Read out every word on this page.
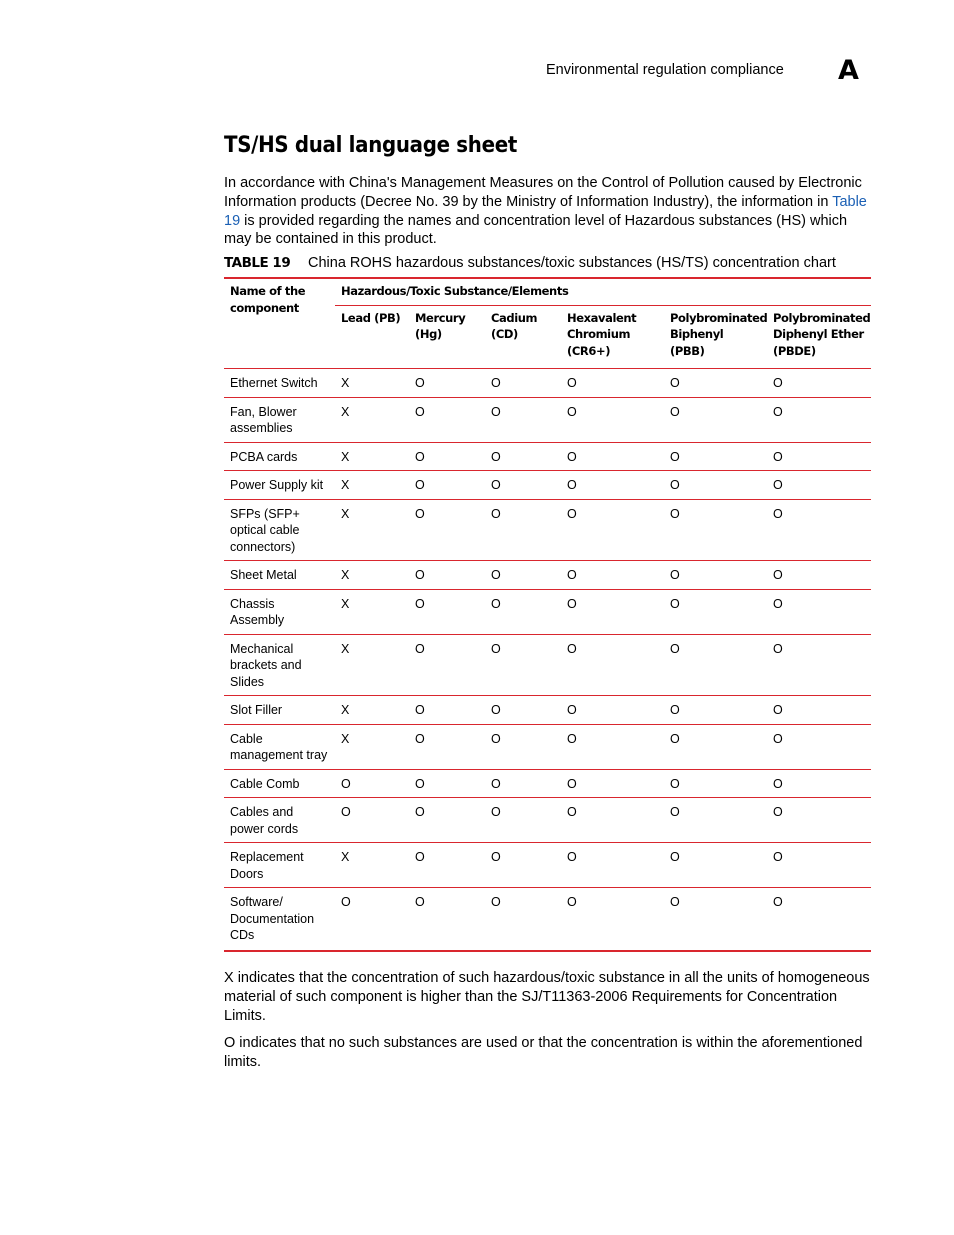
Environmental regulation compliance A
TS/HS dual language sheet

In accordance with China's Management Measures on the Control of Pollution caused by Electronic Information products (Decree No. 39 by the Ministry of Information Industry), the information in Table 19 is provided regarding the names and concentration level of Hazardous substances (HS) which may be contained in this product.

TABLE 19 China ROHS hazardous substances/toxic substances (HS/TS) concentration chart
Name of the component	Hazardous/Toxic Substance/Elements					
	Lead (PB)	Mercury (Hg)	Cadium (CD)	Hexavalent Chromium (CR6+)	Polybrominated Biphenyl (PBB)	Polybrominated Diphenyl Ether (PBDE)
Ethernet Switch	X	O	O	O	O	O
Fan, Blower assemblies	X	O	O	O	O	O
PCBA cards	X	O	O	O	O	O
Power Supply kit	X	O	O	O	O	O
SFPs (SFP+ optical cable connectors)	X	O	O	O	O	O
Sheet Metal	X	O	O	O	O	O
Chassis Assembly	X	O	O	O	O	O
Mechanical brackets and Slides	X	O	O	O	O	O
Slot Filler	X	O	O	O	O	O
Cable management tray	X	O	O	O	O	O
Cable Comb	O	O	O	O	O	O
Cables and power cords	O	O	O	O	O	O
Replacement Doors	X	O	O	O	O	O
Software/ Documentation CDs	O	O	O	O	O	O

X indicates that the concentration of such hazardous/toxic substance in all the units of homogeneous material of such component is higher than the SJ/T11363-2006 Requirements for Concentration Limits.

O indicates that no such substances are used or that the concentration is within the aforementioned limits.
